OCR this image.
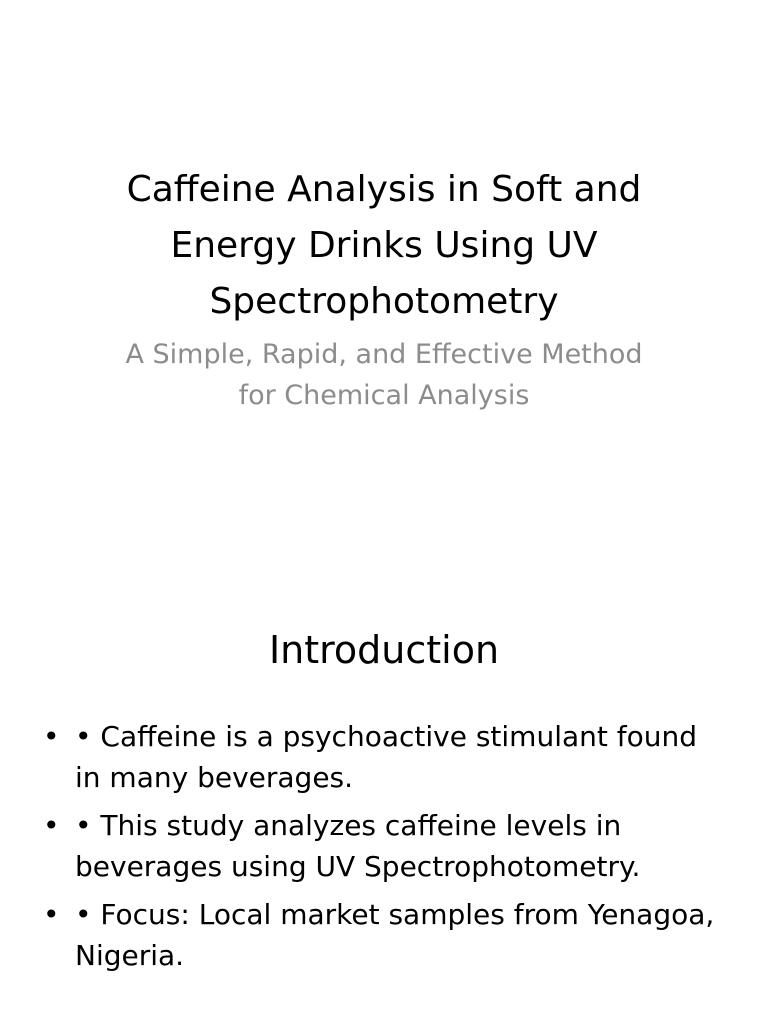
Caffeine Analysis in Soft and Energy Drinks Using UV Spectrophotometry
A Simple, Rapid, and Effective Method for Chemical Analysis
Introduction
• • Caffeine is a psychoactive stimulant found in many beverages.
• • This study analyzes caffeine levels in beverages using UV Spectrophotometry.
• • Focus: Local market samples from Yenagoa, Nigeria.
